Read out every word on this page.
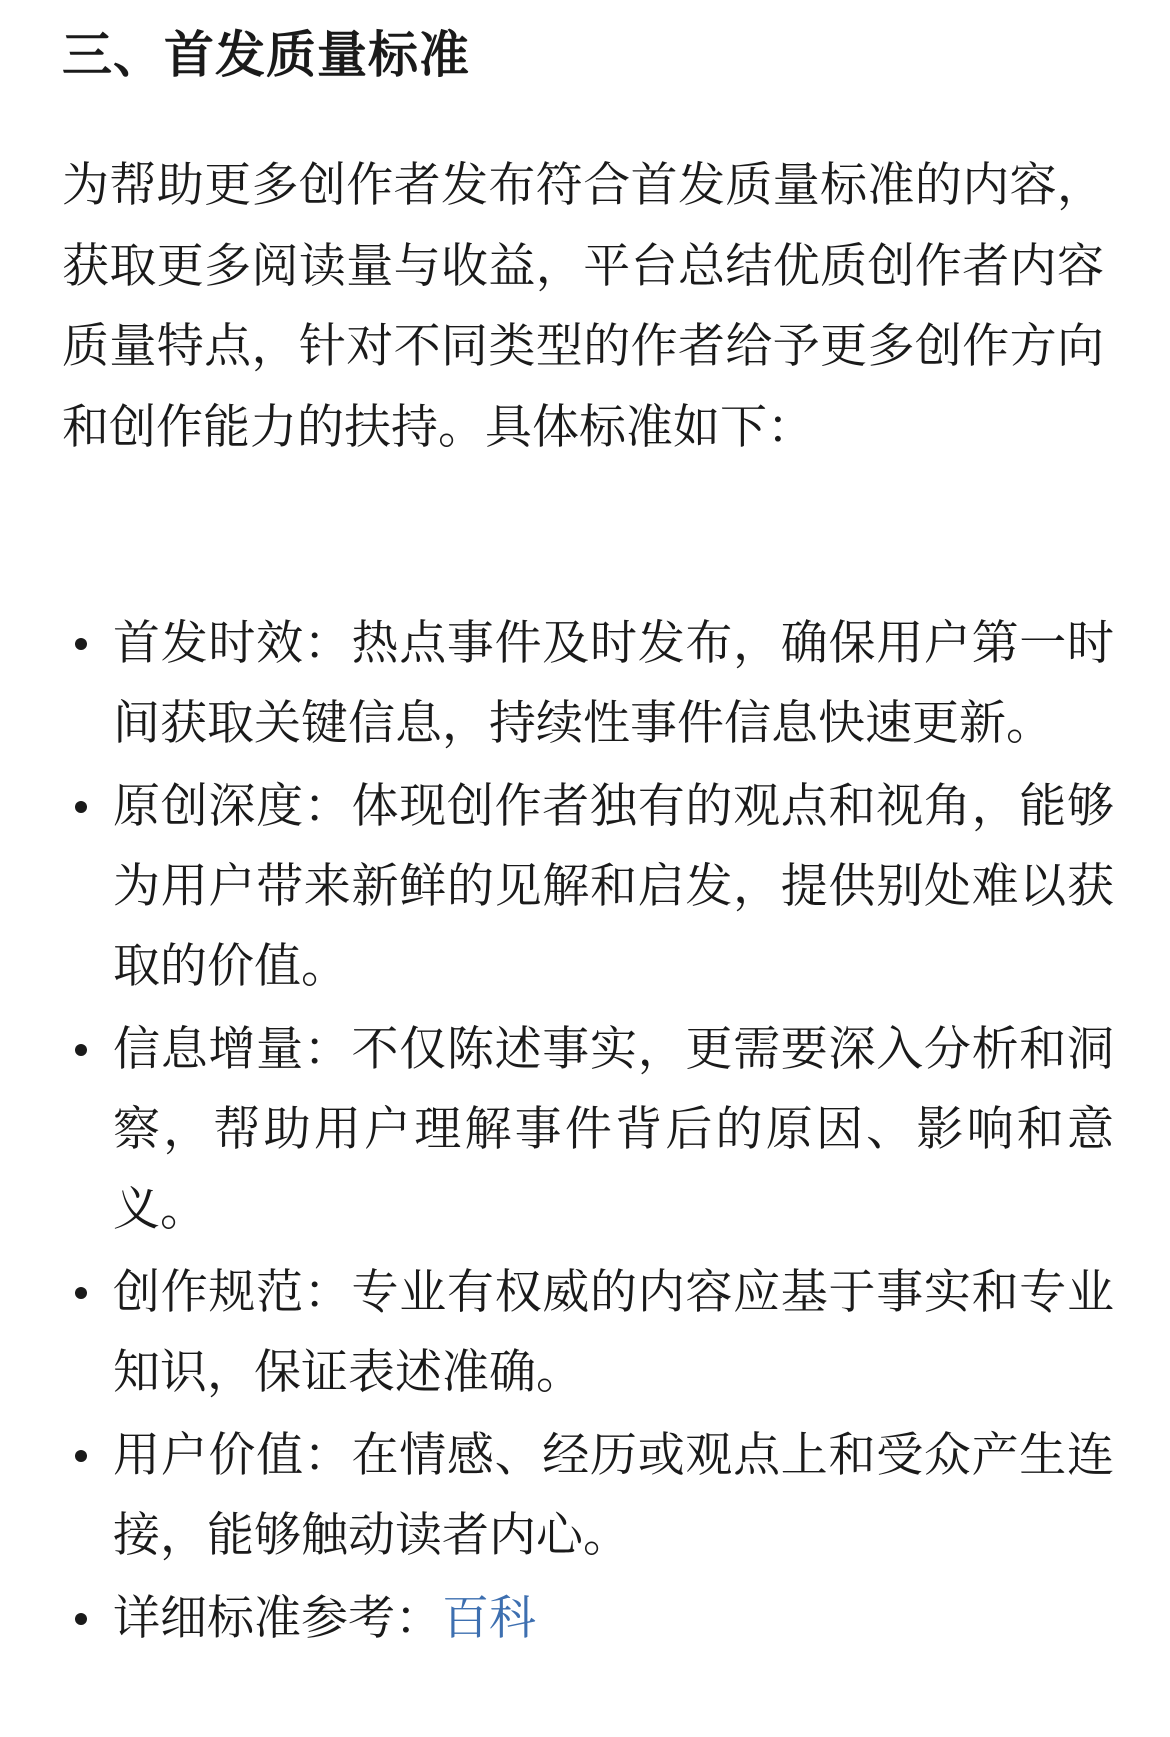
三、首发质量标准

为帮助更多创作者发布符合首发质量标准的内容，获取更多阅读量与收益，平台总结优质创作者内容质量特点，针对不同类型的作者给予更多创作方向和创作能力的扶持。具体标准如下：

首发时效：热点事件及时发布，确保用户第一时间获取关键信息，持续性事件信息快速更新。
原创深度：体现创作者独有的观点和视角，能够为用户带来新鲜的见解和启发，提供别处难以获取的价值。
信息增量：不仅陈述事实，更需要深入分析和洞察，帮助用户理解事件背后的原因、影响和意义。
创作规范：专业有权威的内容应基于事实和专业知识，保证表述准确。
用户价值：在情感、经历或观点上和受众产生连接，能够触动读者内心。
详细标准参考：百科
